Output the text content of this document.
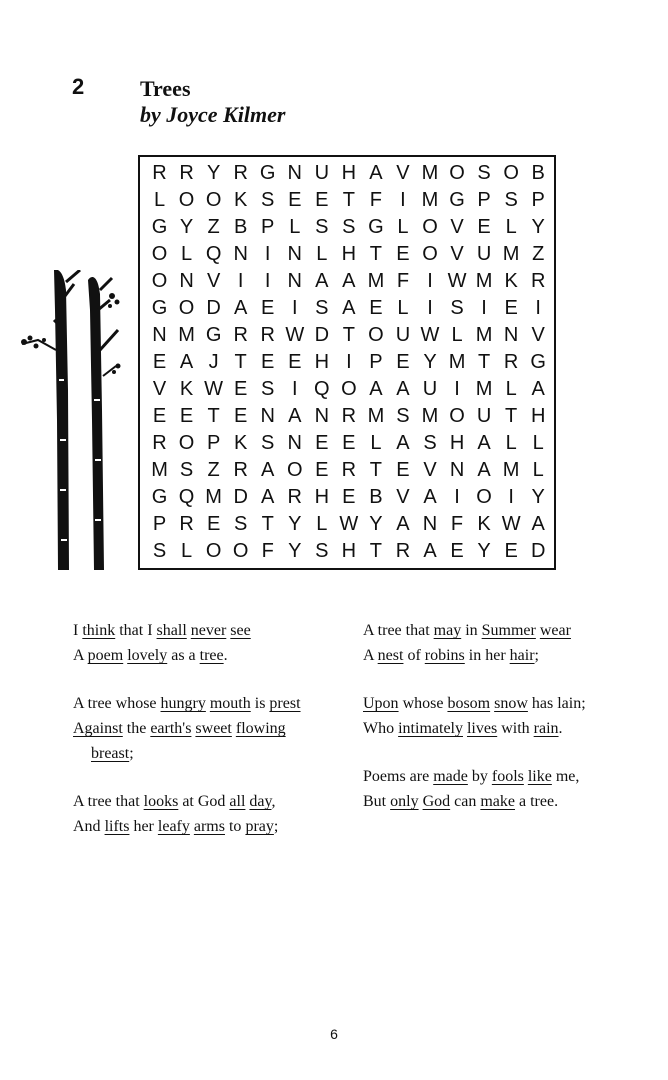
2	Trees
by Joyce Kilmer
R R Y R G N U H A V M O S O B
L O O K S E E T F I M G P S P
G Y Z B P L S S G L O V E L Y
O L Q N I N L H T E O V U M Z
O N V I	I N A A M F I W M K R
G O D A E I S A E L I S I E I
N M G R R W D T O U W L M N V
E A J T E E H I P E Y M T R G
V K W E S I Q O A A U I M L A
E E T E N A N R M S M O U T H
R O P K S N E E L A S H A L L
M S Z R A O E R T E V N A M L
G Q M D A R H E B V A I O I Y
P R E S T Y L W Y A N F K W A
S L O O F Y S H T R A E Y E D
I think that I shall never see
A poem lovely as a tree.
A tree whose hungry mouth is prest
Against the earth's sweet flowing
breast;
A tree that looks at God all day,
And lifts her leafy arms to pray;
A tree that may in Summer wear
A nest of robins in her hair;
Upon whose bosom snow has lain;
Who intimately lives with rain.
Poems are made by fools like me,
But only God can make a tree.
6
